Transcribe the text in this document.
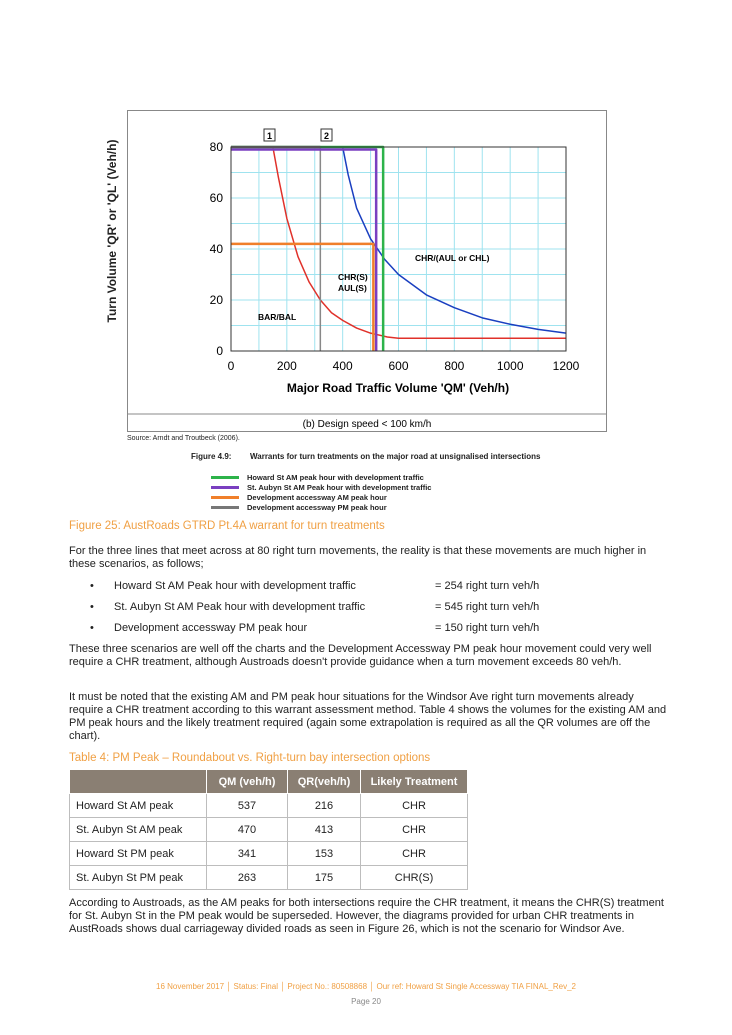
0	200	400	600	800	1000 1200
0
20
40
60
80
1	2
CHR/(AUL or CHL)
CHR(S)
AUL(S)
BAR/BAL
Major Road Traffic Volume 'QM' (Veh/h)
(b) Design speed < 100 km/h
Turn Volume 'QR' or 'QL' (Veh/h)
Source: Arndt and Troutbeck (2006).
Figure 4.9: Warrants for turn treatments on the major road at unsignalised intersections
Howard St AM peak hour with development traffic
St. Aubyn St AM Peak hour with development traffic
Development accessway AM peak hour
Development accessway PM peak hour
Figure 25: AustRoads GTRD Pt.4A warrant for turn treatments
For the three lines that meet across at 80 right turn movements, the reality is that these movements are much higher in these scenarios, as follows;
• Howard St AM Peak hour with development traffic	= 254 right turn veh/h
• St. Aubyn St AM Peak hour with development traffic	= 545 right turn veh/h
• Development accessway PM peak hour	= 150 right turn veh/h
These three scenarios are well off the charts and the Development Accessway PM peak hour movement could very well require a CHR treatment, although Austroads doesn't provide guidance when a turn movement exceeds 80 veh/h.
It must be noted that the existing AM and PM peak hour situations for the Windsor Ave right turn movements already require a CHR treatment according to this warrant assessment method. Table 4 shows the volumes for the existing AM and PM peak hours and the likely treatment required (again some extrapolation is required as all the QR volumes are off the chart).
Table 4: PM Peak – Roundabout vs. Right-turn bay intersection options
	QM (veh/h)	QR(veh/h)	Likely Treatment
Howard St AM peak	537	216	CHR
St. Aubyn St AM peak	470	413	CHR
Howard St PM peak	341	153	CHR
St. Aubyn St PM peak	263	175	CHR(S)
According to Austroads, as the AM peaks for both intersections require the CHR treatment, it means the CHR(S) treatment for St. Aubyn St in the PM peak would be superseded. However, the diagrams provided for urban CHR treatments in AustRoads shows dual carriageway divided roads as seen in Figure 26, which is not the scenario for Windsor Ave.
16 November 2017 │ Status: Final │ Project No.: 80508868 │ Our ref: Howard St Single Accessway TIA FINAL_Rev_2
Page 20
